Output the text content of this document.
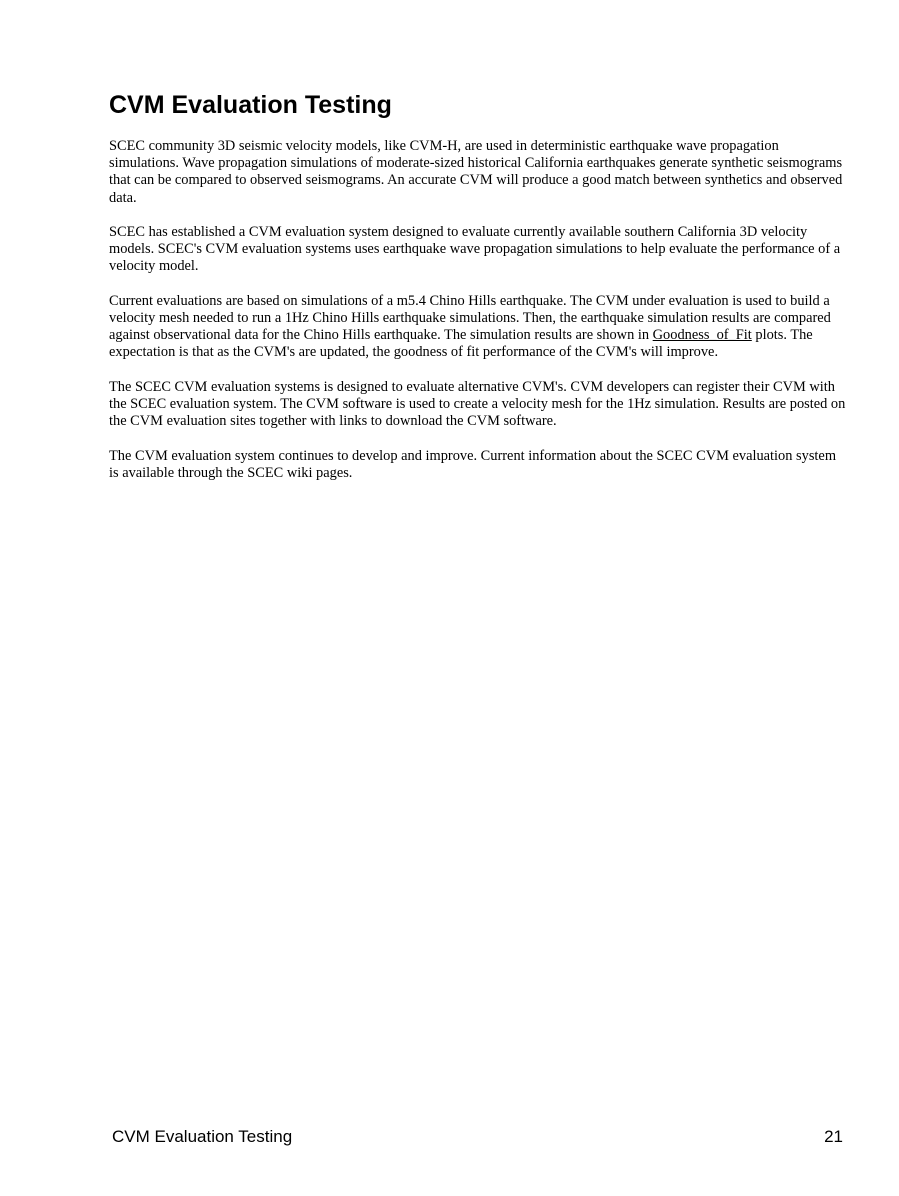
CVM Evaluation Testing

SCEC community 3D seismic velocity models, like CVM-H, are used in deterministic earthquake wave propagation simulations. Wave propagation simulations of moderate-sized historical California earthquakes generate synthetic seismograms that can be compared to observed seismograms. An accurate CVM will produce a good match between synthetics and observed data.

SCEC has established a CVM evaluation system designed to evaluate currently available southern California 3D velocity models. SCEC's CVM evaluation systems uses earthquake wave propagation simulations to help evaluate the performance of a velocity model.

Current evaluations are based on simulations of a m5.4 Chino Hills earthquake. The CVM under evaluation is used to build a velocity mesh needed to run a 1Hz Chino Hills earthquake simulations. Then, the earthquake simulation results are compared against observational data for the Chino Hills earthquake. The simulation results are shown in Goodness_of_Fit plots. The expectation is that as the CVM's are updated, the goodness of fit performance of the CVM's will improve.

The SCEC CVM evaluation systems is designed to evaluate alternative CVM's. CVM developers can register their CVM with the SCEC evaluation system. The CVM software is used to create a velocity mesh for the 1Hz simulation. Results are posted on the CVM evaluation sites together with links to download the CVM software.

The CVM evaluation system continues to develop and improve. Current information about the SCEC CVM evaluation system is available through the SCEC wiki pages.

CVM Evaluation Testing	21
